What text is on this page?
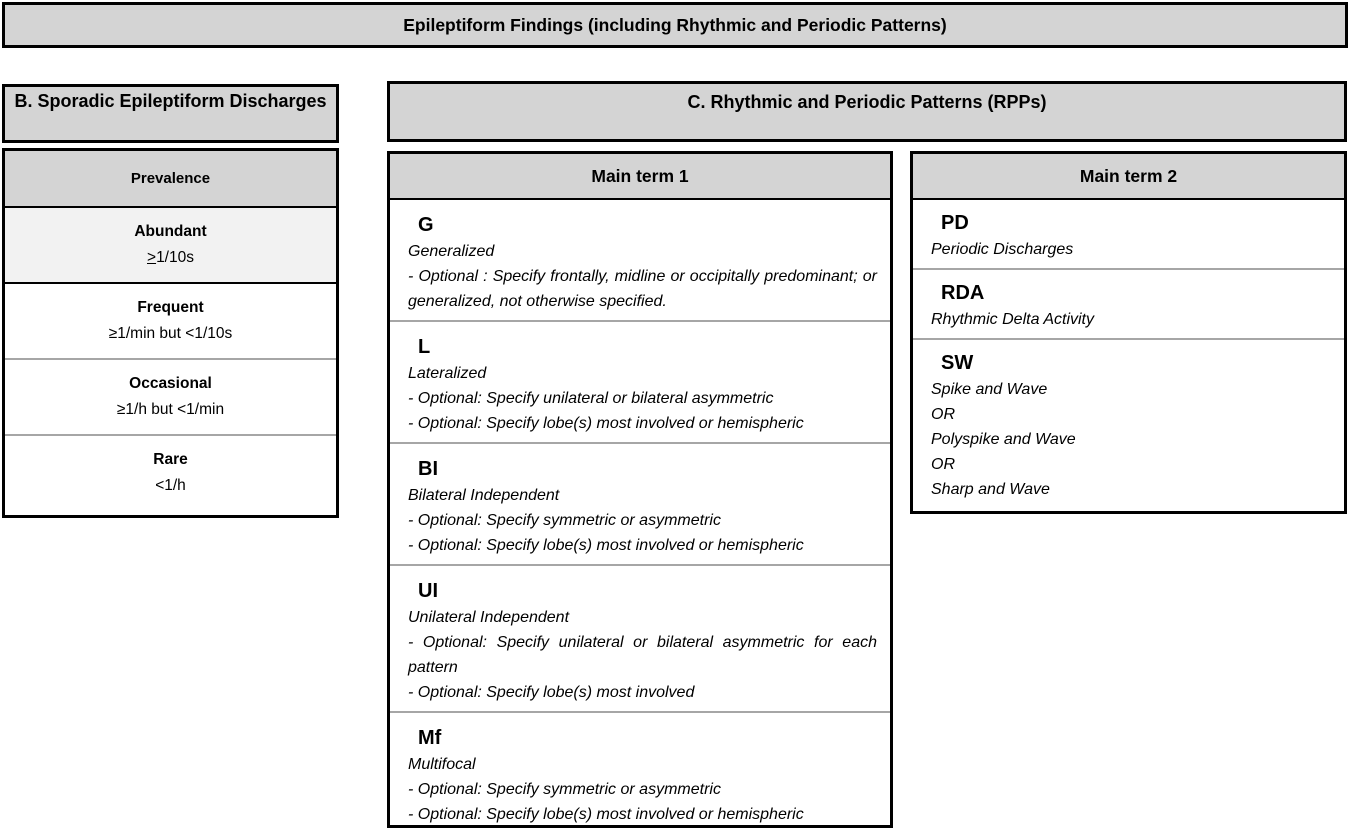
Epileptiform Findings (including Rhythmic and Periodic Patterns)
B. Sporadic Epileptiform Discharges
Prevalence
Abundant
≥1/10s
Frequent
≥1/min but <1/10s
Occasional
≥1/h but <1/min
Rare
<1/h
C. Rhythmic and Periodic Patterns (RPPs)
Main term 1
G
Generalized
- Optional : Specify frontally, midline or occipitally predominant; or generalized, not otherwise specified.
L
Lateralized
- Optional: Specify unilateral or bilateral asymmetric
- Optional: Specify lobe(s) most involved or hemispheric
BI
Bilateral Independent
- Optional: Specify symmetric or asymmetric
- Optional: Specify lobe(s) most involved or hemispheric
UI
Unilateral Independent
- Optional: Specify unilateral or bilateral asymmetric for each pattern
- Optional: Specify lobe(s) most involved
Mf
Multifocal
- Optional: Specify symmetric or asymmetric
- Optional: Specify lobe(s) most involved or hemispheric
Main term 2
PD
Periodic Discharges
RDA
Rhythmic Delta Activity
SW
Spike and Wave
OR
Polyspike and Wave
OR
Sharp and Wave
